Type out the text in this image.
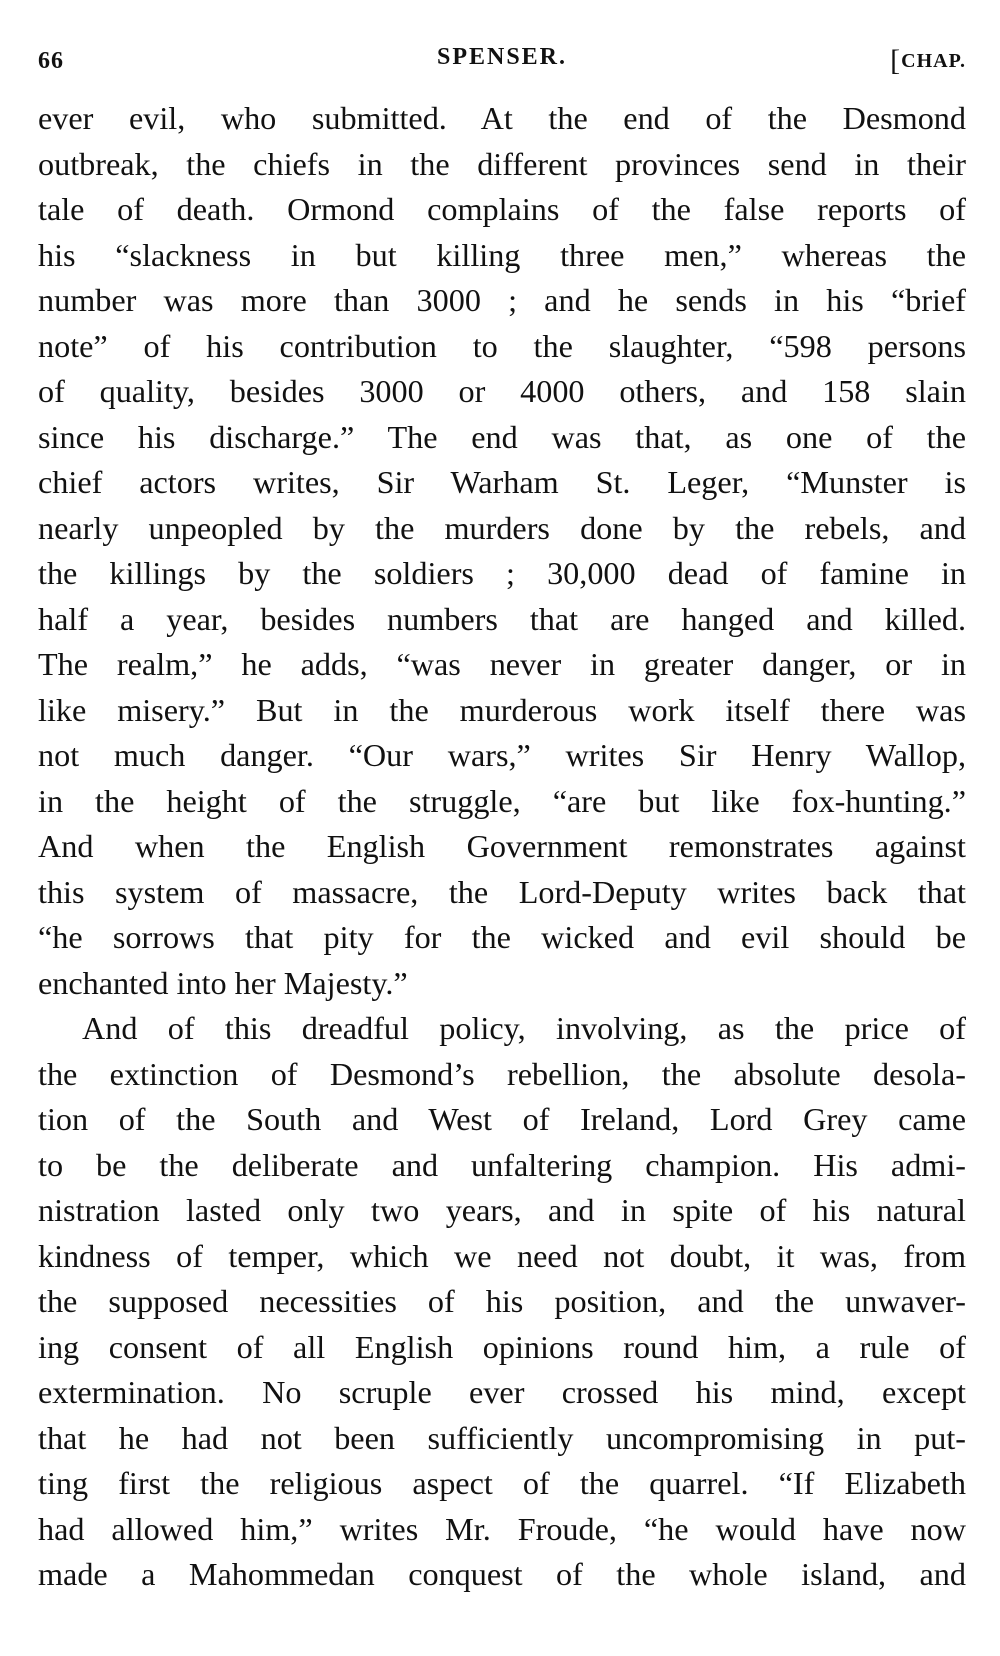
66	SPENSER.	[CHAP.
ever evil, who submitted. At the end of the Desmond
outbreak, the chiefs in the different provinces send in their
tale of death. Ormond complains of the false reports of
his “slackness in but killing three men,” whereas the
number was more than 3000 ; and he sends in his “brief
note” of his contribution to the slaughter, “598 persons
of quality, besides 3000 or 4000 others, and 158 slain
since his discharge.” The end was that, as one of the
chief actors writes, Sir Warham St. Leger, “Munster is
nearly unpeopled by the murders done by the rebels, and
the killings by the soldiers ; 30,000 dead of famine in
half a year, besides numbers that are hanged and killed.
The realm,” he adds, “was never in greater danger, or in
like misery.” But in the murderous work itself there was
not much danger. “Our wars,” writes Sir Henry Wallop,
in the height of the struggle, “are but like fox-hunting.”
And when the English Government remonstrates against
this system of massacre, the Lord-Deputy writes back that
“he sorrows that pity for the wicked and evil should be
enchanted into her Majesty.”
And of this dreadful policy, involving, as the price of
the extinction of Desmond’s rebellion, the absolute desola-
tion of the South and West of Ireland, Lord Grey came
to be the deliberate and unfaltering champion. His admi-
nistration lasted only two years, and in spite of his natural
kindness of temper, which we need not doubt, it was, from
the supposed necessities of his position, and the unwaver-
ing consent of all English opinions round him, a rule of
extermination. No scruple ever crossed his mind, except
that he had not been sufficiently uncompromising in put-
ting first the religious aspect of the quarrel. “If Elizabeth
had allowed him,” writes Mr. Froude, “he would have now
made a Mahommedan conquest of the whole island, and
